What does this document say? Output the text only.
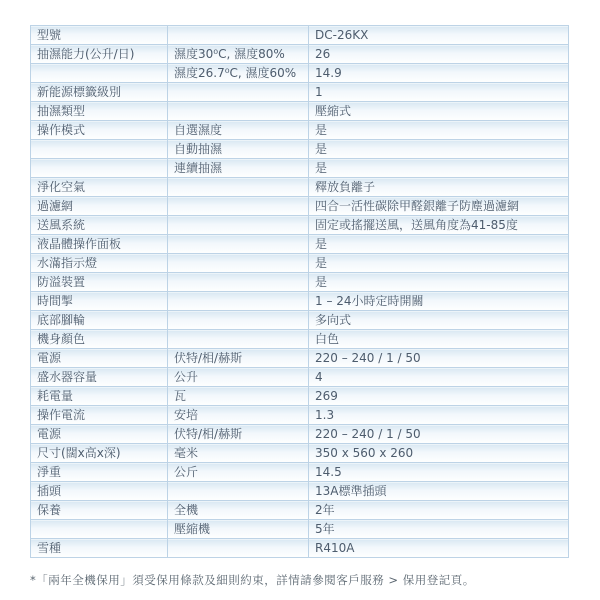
型號		DC-26KX
抽濕能力(公升/日)	濕度30⁰C, 濕度80%	26
	濕度26.7⁰C, 濕度60%	14.9
新能源標籤級別		1
抽濕類型		壓縮式
操作模式	自選濕度	是
	自動抽濕	是
	連續抽濕	是
淨化空氣		釋放負離子
過濾網		四合一活性碳除甲醛銀離子防塵過濾網
送風系統		固定或搖擺送風，送風角度為41-85度
液晶體操作面板		是
水滿指示燈		是
防溢裝置		是
時間掣		1 – 24小時定時開關
底部腳輪		多向式
機身顏色		白色
電源	伏特/相/赫斯	220 – 240 / 1 / 50
盛水器容量	公升	4
耗電量	瓦	269
操作電流	安培	1.3
電源	伏特/相/赫斯	220 – 240 / 1 / 50
尺寸(闊x高x深)	毫米	350 x 560 x 260
淨重	公斤	14.5
插頭		13A標準插頭
保養	全機	2年
	壓縮機	5年
雪種		R410A

*「兩年全機保用」須受保用條款及細則約束，詳情請參閱客戶服務 > 保用登記頁。
